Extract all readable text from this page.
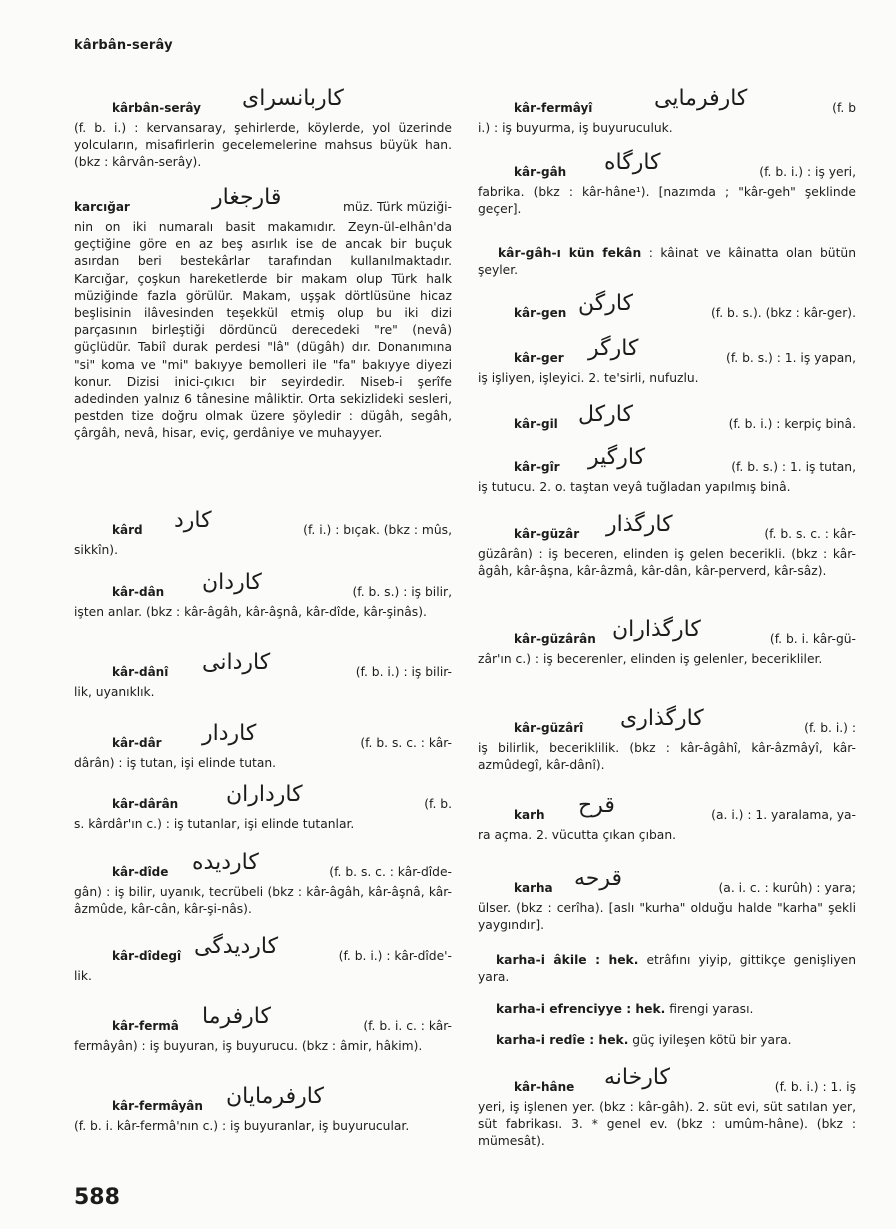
kârbân-serây
kârbân-serây كاربانسراى

(f. b. i.) : kervansaray, şehirlerde, köylerde, yol üzerinde yolcuların, misafirlerin gecelemelerine mahsus büyük han. (bkz : kârvân-serây).

karcığar	قارجغار	müz. Türk müziği-

nin on iki numaralı basit makamıdır. Zeyn-ül-elhân'da geçtiğine göre en az beş asırlık ise de ancak bir buçuk asırdan beri bestekârlar tarafından kullanılmaktadır. Karcığar, çoşkun hareketlerde bir makam olup Türk halk müziğinde fazla görülür. Makam, uşşak dörtlüsüne hicaz beşlisinin ilâvesinden teşekkül etmiş olup bu iki dizi parçasının birleştiği dördüncü derecedeki "re" (nevâ) güçlüdür. Tabiî durak perdesi "lâ" (dügâh) dır. Donanımına "si" koma ve "mi" bakıyye bemolleri ile "fa" bakıyye diyezi konur. Dizisi inici-çıkıcı bir seyirdedir. Niseb-i şerîfe adedinden yalnız 6 tânesine mâliktir. Orta sekizlideki sesleri, pestden tize doğru olmak üzere şöyledir : dügâh, segâh, çârgâh, nevâ, hisar, eviç, gerdâniye ve muhayyer.

kârd كارد	(f. i.) : bıçak. (bkz : mûs,

sikkîn).

kâr-dân كاردان	(f. b. s.) : iş bilir,

işten anlar. (bkz : kâr-âgâh, kâr-âşnâ, kâr-dîde, kâr-şinâs).

kâr-dânî كاردانى	(f. b. i.) : iş bilir-

lik, uyanıklık.

kâr-dâr كاردار	(f. b. s. c. : kâr-

dârân) : iş tutan, işi elinde tutan.

kâr-dârân كارداران	(f. b.

s. kârdâr'ın c.) : iş tutanlar, işi elinde tutanlar.

kâr-dîde كارديده	(f. b. s. c. : kâr-dîde-

gân) : iş bilir, uyanık, tecrübeli (bkz : kâr-âgâh, kâr-âşnâ, kâr-âzmûde, kâr-cân, kâr-şi-nâs).

kâr-dîdegî كاردیدگی	(f. b. i.) : kâr-dîde'-

lik.

kâr-fermâ كارفرما	(f. b. i. c. : kâr-

fermâyân) : iş buyuran, iş buyurucu. (bkz : âmir, hâkim).

kâr-fermâyân كارفرمايان

(f. b. i. kâr-fermâ'nın c.) : iş buyuranlar, iş buyurucular.

kâr-fermâyî	كارفرمايى	(f. b

i.) : iş buyurma, iş buyuruculuk.

kâr-gâh كارگاه	(f. b. i.) : iş yeri,

fabrika. (bkz : kâr-hâne¹). [nazımda ; "kâr-geh" şeklinde geçer].

kâr-gâh-ı kün fekân : kâinat ve kâinatta olan bütün şeyler.

kâr-gen كارگن	(f. b. s.). (bkz : kâr-ger).
kâr-ger كارگر	(f. b. s.) : 1. iş yapan,

iş işliyen, işleyici. 2. te'sirli, nufuzlu.

kâr-gil كاركل	(f. b. i.) : kerpiç binâ.
kâr-gîr كارگير	(f. b. s.) : 1. iş tutan,

iş tutucu. 2. o. taştan veyâ tuğladan yapılmış binâ.

kâr-güzâr كارگذار	(f. b. s. c. : kâr-

güzârân) : iş beceren, elinden iş gelen becerikli. (bkz : kâr-âgâh, kâr-âşna, kâr-âzmâ, kâr-dân, kâr-perverd, kâr-sâz).

kâr-güzârân كارگذاران	(f. b. i. kâr-gü-

zâr'ın c.) : iş becerenler, elinden iş gelenler, becerikliler.

kâr-güzârî كارگذارى	(f. b. i.) :

iş bilirlik, beceriklilik. (bkz : kâr-âgâhî, kâr-âzmâyî, kâr-azmûdegî, kâr-dânî).

karh قرح	(a. i.) : 1. yaralama, ya-

ra açma. 2. vücutta çıkan çıban.

karha قرحه	(a. i. c. : kurûh) : yara;

ülser. (bkz : cerîha). [aslı "kurha" olduğu halde "karha" şekli yaygındır].

karha-i âkile : hek. etrâfını yiyip, gittikçe genişliyen yara.

karha-i efrenciyye : hek. firengi yarası.

karha-i redîe : hek. güç iyileşen kötü bir yara.

kâr-hâne كارخانه	(f. b. i.) : 1. iş

yeri, iş işlenen yer. (bkz : kâr-gâh). 2. süt evi, süt satılan yer, süt fabrikası. 3. * genel ev. (bkz : umûm-hâne). (bkz : mümesât).

588
